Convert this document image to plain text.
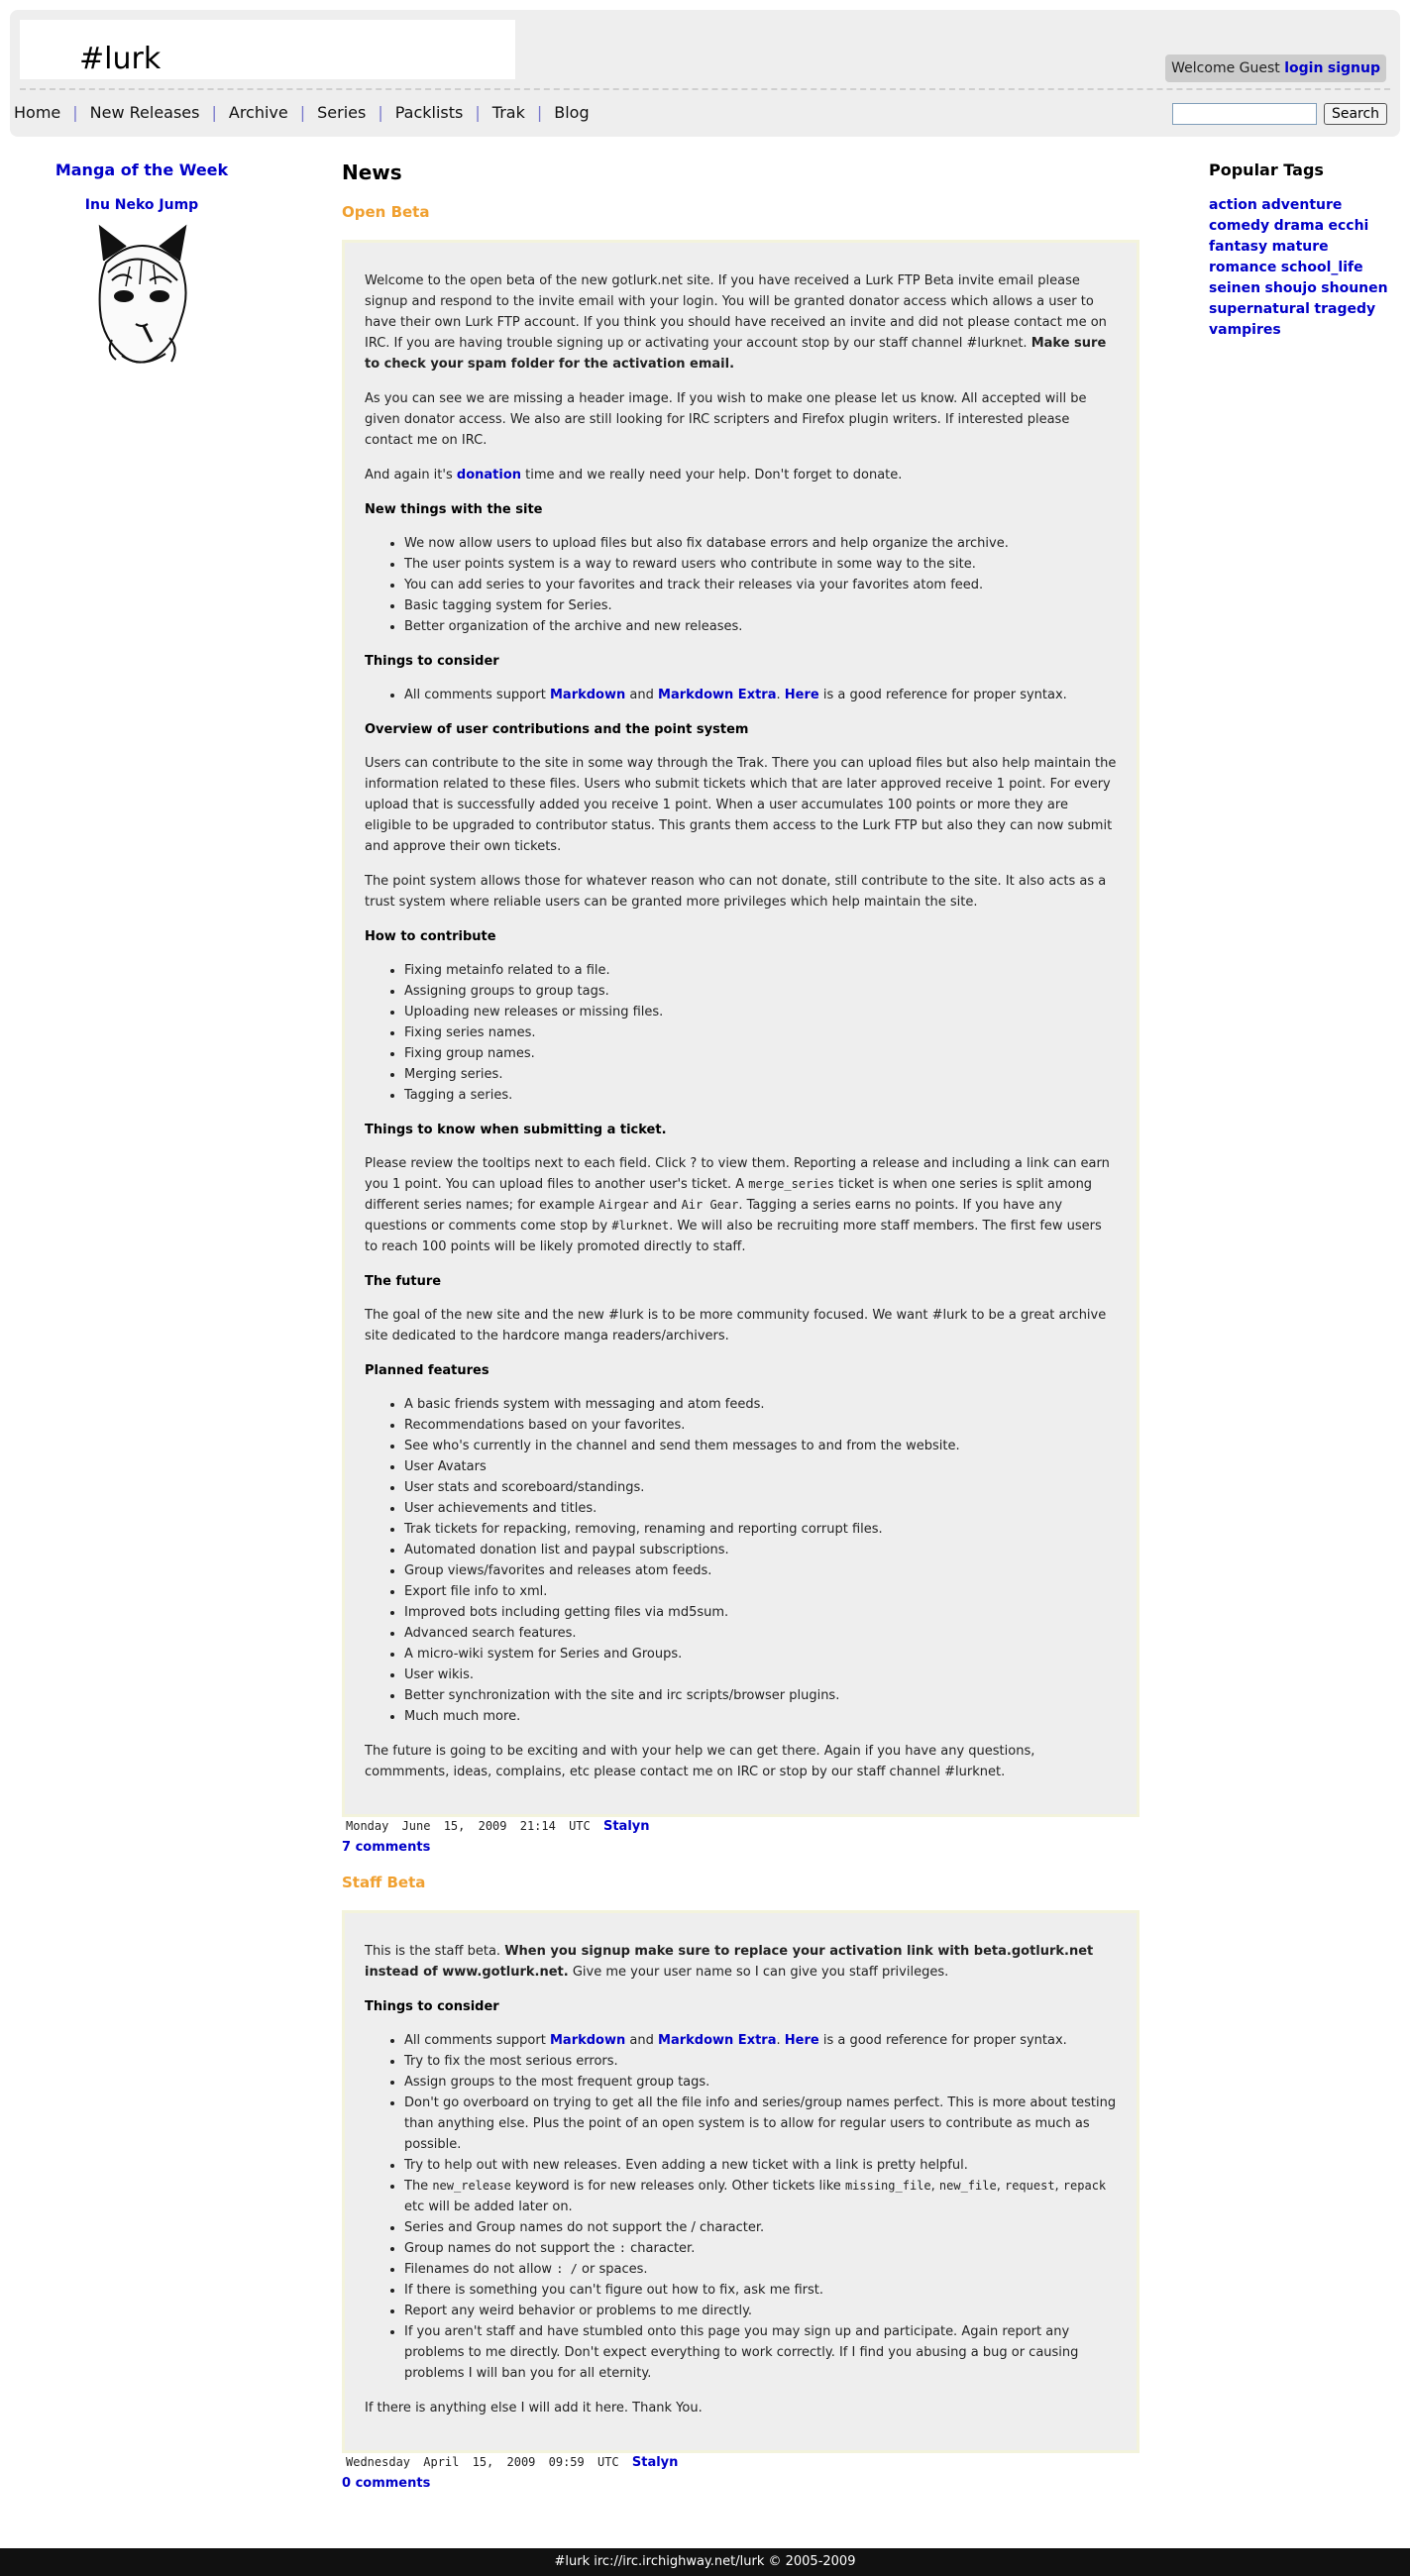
#lurk	Welcome Guest login signup
Home | New Releases | Archive | Series | Packlists | Trak | Blog	Search
Manga of the Week
Inu Neko Jump
Popular Tags
action adventure comedy drama ecchi fantasy mature romance school_life seinen shoujo shounen supernatural tragedy vampires
News
Open Beta

Welcome to the open beta of the new gotlurk.net site. If you have received a Lurk FTP Beta invite email please signup and respond to the invite email with your login. You will be granted donator access which allows a user to have their own Lurk FTP account. If you think you should have received an invite and did not please contact me on IRC. If you are having trouble signing up or activating your account stop by our staff channel #lurknet. Make sure to check your spam folder for the activation email.

As you can see we are missing a header image. If you wish to make one please let us know. All accepted will be given donator access. We also are still looking for IRC scripters and Firefox plugin writers. If interested please contact me on IRC.

And again it's donation time and we really need your help. Don't forget to donate.

New things with the site
• We now allow users to upload files but also fix database errors and help organize the archive.
• The user points system is a way to reward users who contribute in some way to the site.
• You can add series to your favorites and track their releases via your favorites atom feed.
• Basic tagging system for Series.
• Better organization of the archive and new releases.
Things to consider
• All comments support Markdown and Markdown Extra. Here is a good reference for proper syntax.
Overview of user contributions and the point system

Users can contribute to the site in some way through the Trak. There you can upload files but also help maintain the information related to these files. Users who submit tickets which that are later approved receive 1 point. For every upload that is successfully added you receive 1 point. When a user accumulates 100 points or more they are eligible to be upgraded to contributor status. This grants them access to the Lurk FTP but also they can now submit and approve their own tickets.

The point system allows those for whatever reason who can not donate, still contribute to the site. It also acts as a trust system where reliable users can be granted more privileges which help maintain the site.

How to contribute
• Fixing metainfo related to a file.
• Assigning groups to group tags.
• Uploading new releases or missing files.
• Fixing series names.
• Fixing group names.
• Merging series.
• Tagging a series.
Things to know when submitting a ticket.

Please review the tooltips next to each field. Click ? to view them. Reporting a release and including a link can earn you 1 point. You can upload files to another user's ticket. A merge_series ticket is when one series is split among different series names; for example Airgear and Air Gear. Tagging a series earns no points. If you have any questions or comments come stop by #lurknet. We will also be recruiting more staff members. The first few users to reach 100 points will be likely promoted directly to staff.

The future

The goal of the new site and the new #lurk is to be more community focused. We want #lurk to be a great archive site dedicated to the hardcore manga readers/archivers.

Planned features
• A basic friends system with messaging and atom feeds.
• Recommendations based on your favorites.
• See who's currently in the channel and send them messages to and from the website.
• User Avatars
• User stats and scoreboard/standings.
• User achievements and titles.
• Trak tickets for repacking, removing, renaming and reporting corrupt files.
• Automated donation list and paypal subscriptions.
• Group views/favorites and releases atom feeds.
• Export file info to xml.
• Improved bots including getting files via md5sum.
• Advanced search features.
• A micro-wiki system for Series and Groups.
• User wikis.
• Better synchronization with the site and irc scripts/browser plugins.
• Much much more.

The future is going to be exciting and with your help we can get there. Again if you have any questions, commments, ideas, complains, etc please contact me on IRC or stop by our staff channel #lurknet.

Monday June 15, 2009 21:14 UTC Stalyn
7 comments
Staff Beta

This is the staff beta. When you signup make sure to replace your activation link with beta.gotlurk.net instead of www.gotlurk.net. Give me your user name so I can give you staff privileges.

Things to consider
• All comments support Markdown and Markdown Extra. Here is a good reference for proper syntax.
• Try to fix the most serious errors.
• Assign groups to the most frequent group tags.
• Don't go overboard on trying to get all the file info and series/group names perfect. This is more about testing than anything else. Plus the point of an open system is to allow for regular users to contribute as much as possible.
• Try to help out with new releases. Even adding a new ticket with a link is pretty helpful.
• The new_release keyword is for new releases only. Other tickets like missing_file, new_file, request, repack etc will be added later on.
• Series and Group names do not support the / character.
• Group names do not support the : character.
• Filenames do not allow : / or spaces.
• If there is something you can't figure out how to fix, ask me first.
• Report any weird behavior or problems to me directly.
• If you aren't staff and have stumbled onto this page you may sign up and participate. Again report any problems to me directly. Don't expect everything to work correctly. If I find you abusing a bug or causing problems I will ban you for all eternity.

If there is anything else I will add it here. Thank You.

Wednesday April 15, 2009 09:59 UTC Stalyn
0 comments
#lurk irc://irc.irchighway.net/lurk © 2005-2009
